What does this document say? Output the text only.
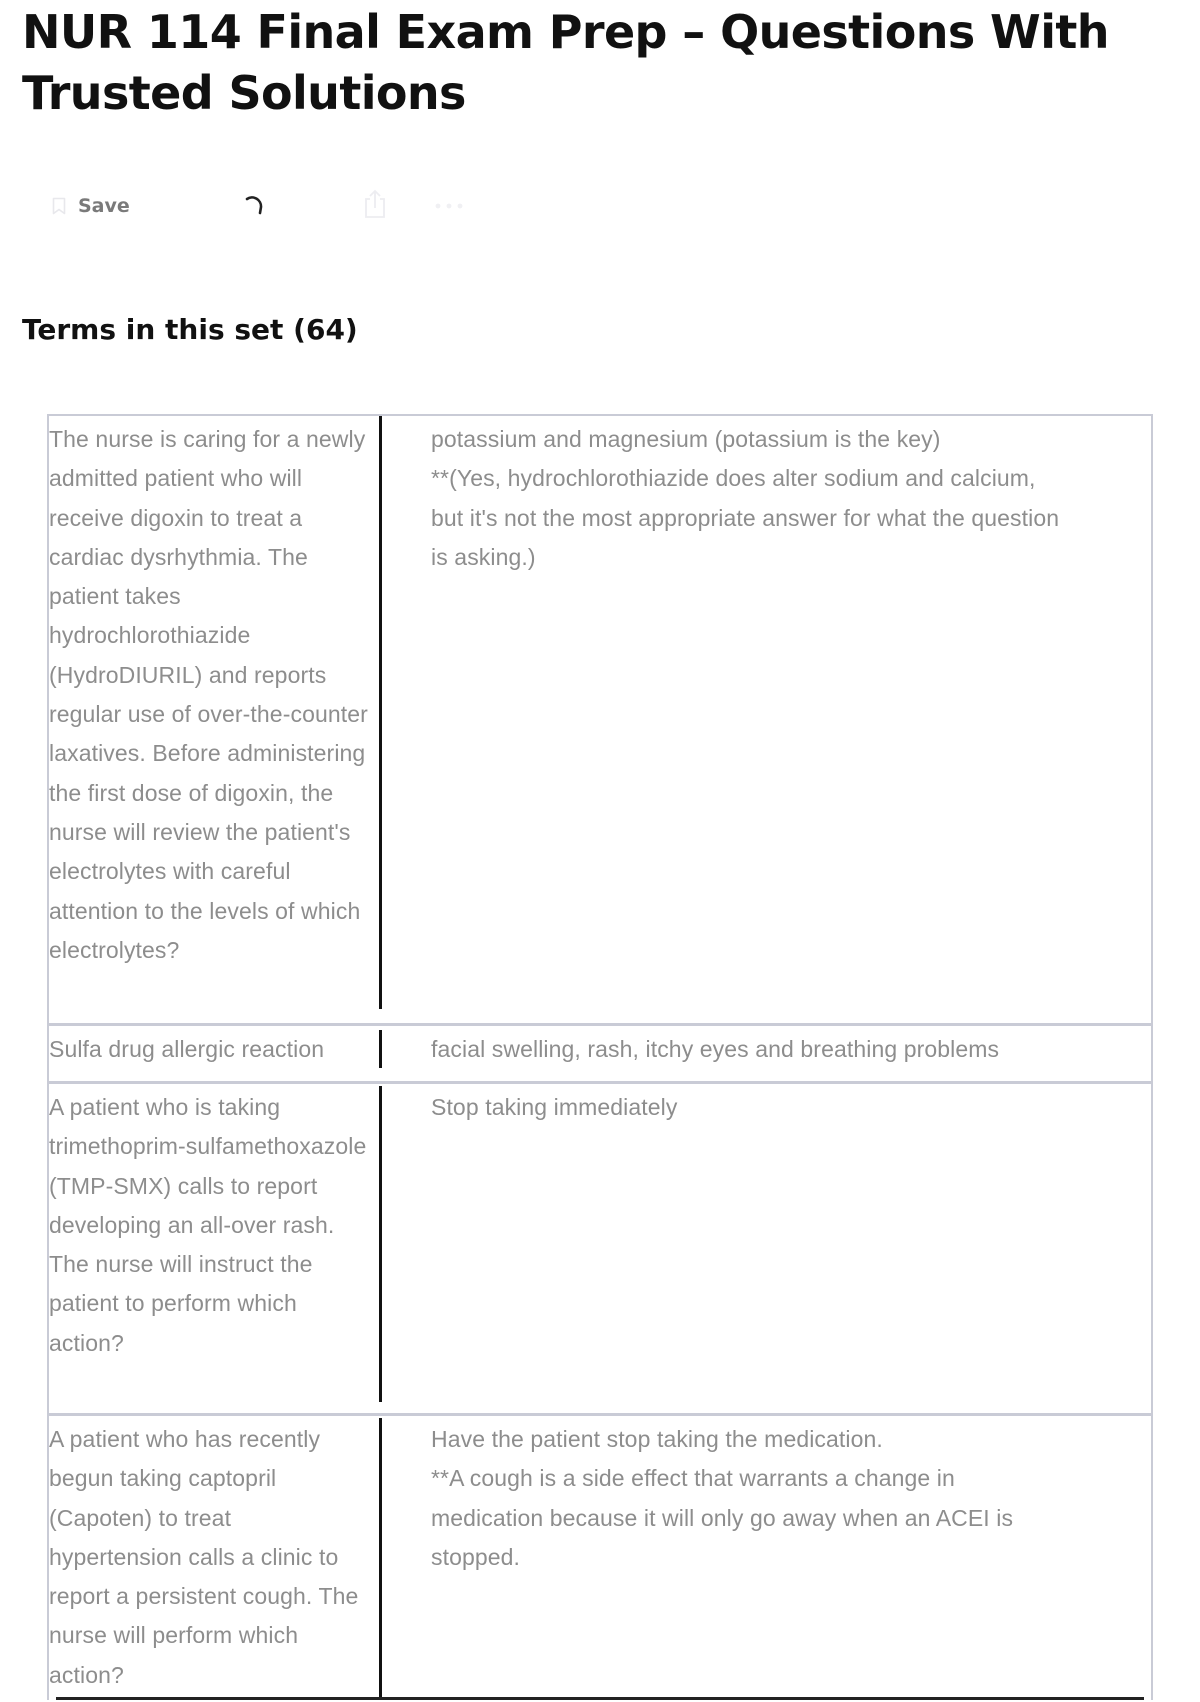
NUR 114 Final Exam Prep – Questions With Trusted Solutions
Save
Terms in this set (64)
The nurse is caring for a newly admitted patient who will receive digoxin to treat a cardiac dysrhythmia. The patient takes hydrochlorothiazide (HydroDIURIL) and reports regular use of over-the-counter laxatives. Before administering the first dose of digoxin, the nurse will review the patient's electrolytes with careful attention to the levels of which electrolytes?
potassium and magnesium (potassium is the key)
**(Yes, hydrochlorothiazide does alter sodium and calcium, but it's not the most appropriate answer for what the question is asking.)
Sulfa drug allergic reaction	facial swelling, rash, itchy eyes and breathing problems
A patient who is taking trimethoprim-sulfamethoxazole (TMP-SMX) calls to report developing an all-over rash. The nurse will instruct the patient to perform which action?
Stop taking immediately
A patient who has recently begun taking captopril (Capoten) to treat hypertension calls a clinic to report a persistent cough. The nurse will perform which action?
Have the patient stop taking the medication.
**A cough is a side effect that warrants a change in medication because it will only go away when an ACEI is stopped.
